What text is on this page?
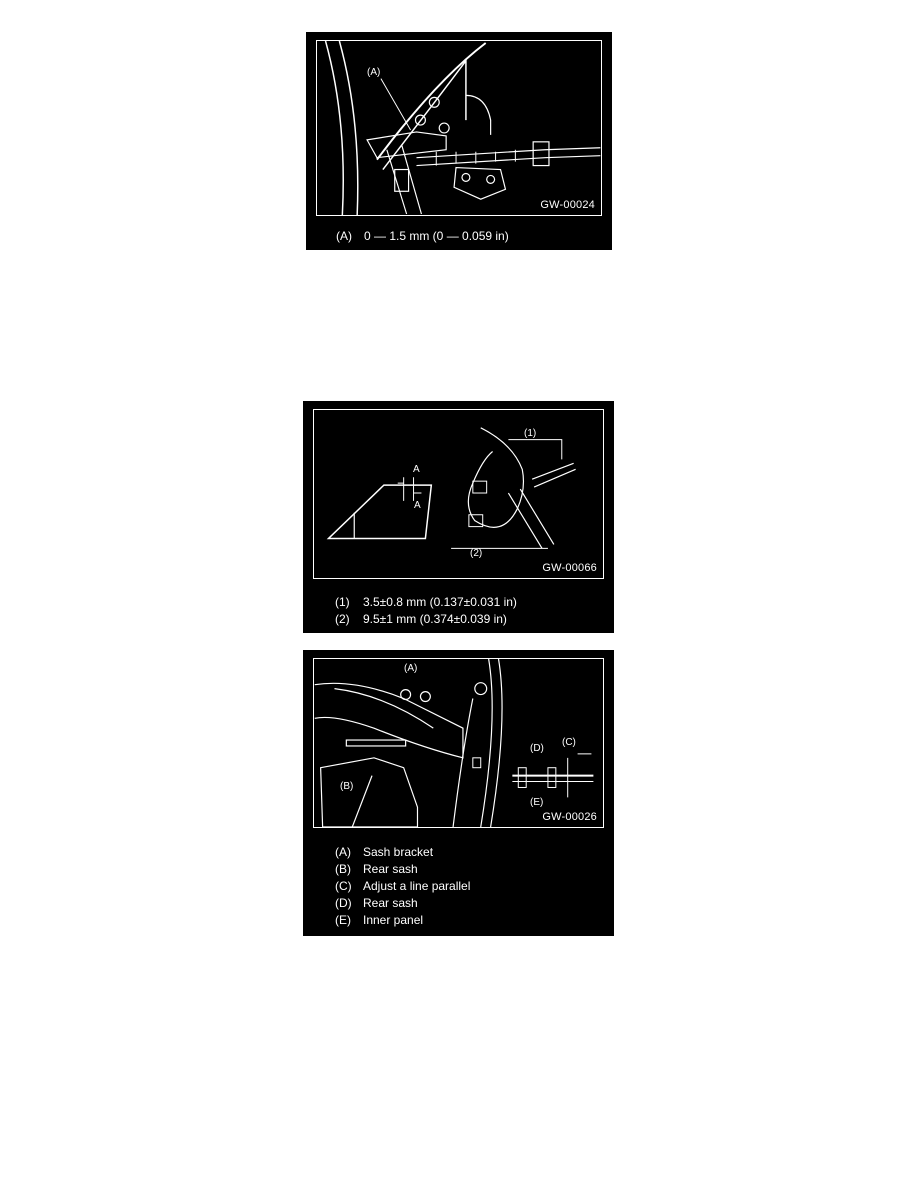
(A)
GW-00024
(A)	0 — 1.5 mm (0 — 0.059 in)
A
A
(1)
(2)
GW-00066
(1)	3.5±0.8 mm (0.137±0.031 in)
(2)	9.5±1 mm (0.374±0.039 in)
(A)
(B)
(C)
(D)
(E)
GW-00026
(A)	Sash bracket
(B)	Rear sash
(C) Adjust a line parallel
(D) Rear sash
(E)	Inner panel
